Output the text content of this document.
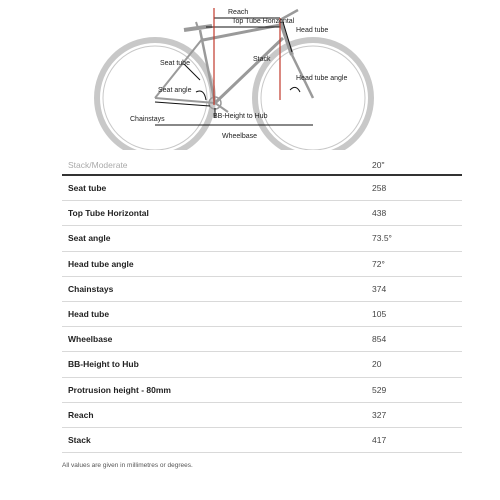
Reach
Top Tube Horizontal
Head tube
Seat tube
Stack
Seat angle
Head tube angle
Chainstays	BB-Height to Hub
Wheelbase
Stack/Moderate	20"
Seat tube	258
Top Tube Horizontal	438
Seat angle	73.5°
Head tube angle	72°
Chainstays	374
Head tube	105
Wheelbase	854
BB-Height to Hub	20
Protrusion height - 80mm	529
Reach	327
Stack	417
All values are given in millimetres or degrees.
